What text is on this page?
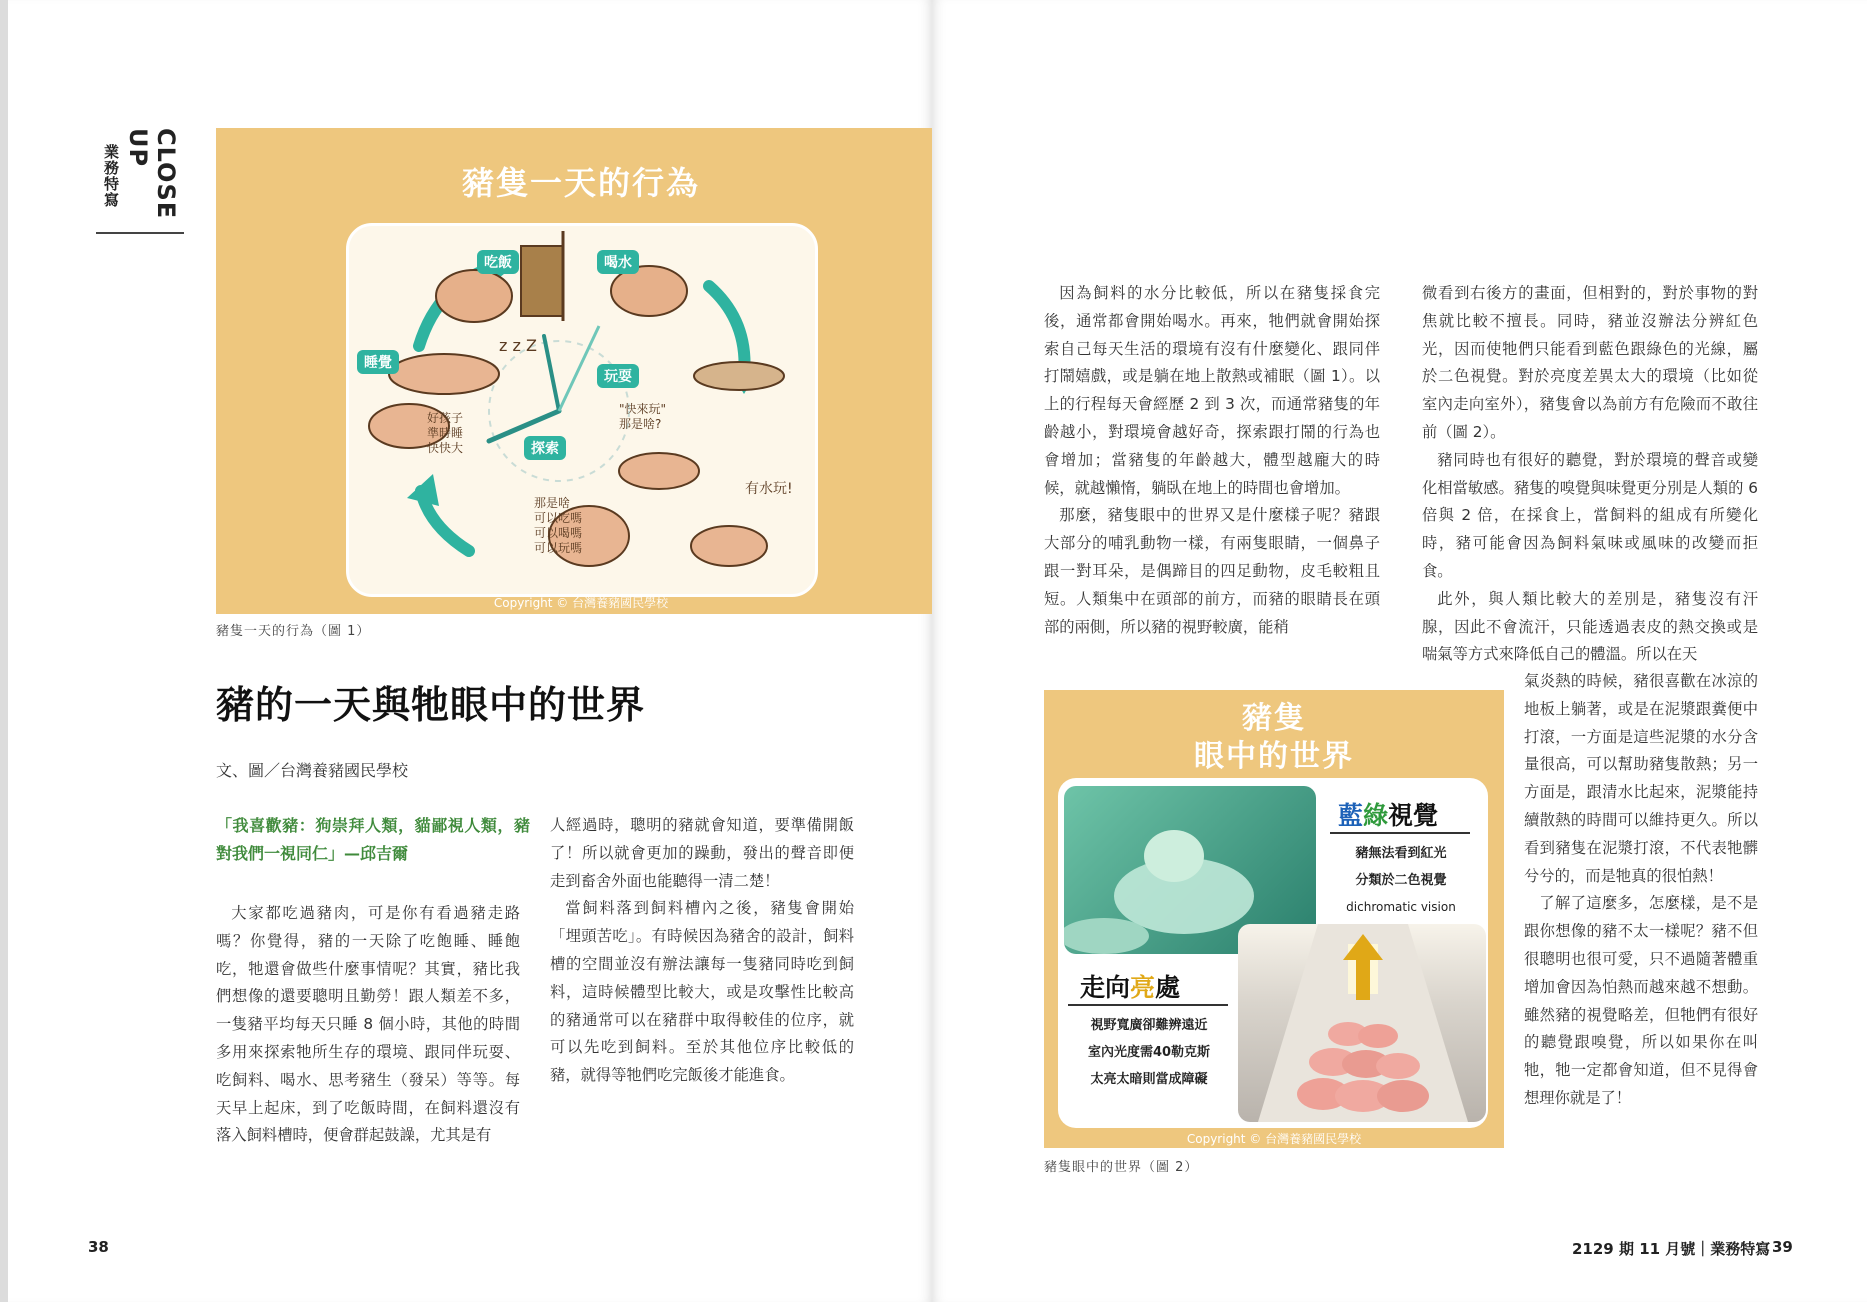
CLOSE
UP
業務特寫	豬隻一天的行為
z z Z
吃飯	喝水
睡覺
玩耍
探索
好孩子
準時睡
快快大
"快來玩"
那是啥?
那是啥
可以吃嗎
可以喝嗎
可以玩嗎
有水玩!
Copyright © 台灣養豬國民學校
豬隻一天的行為（圖 1）
豬的一天與牠眼中的世界
文、圖／台灣養豬國民學校
「我喜歡豬：狗崇拜人類，貓鄙視人類，豬對我們一視同仁」—邱吉爾

大家都吃過豬肉，可是你有看過豬走路嗎？你覺得，豬的一天除了吃飽睡、睡飽吃，牠還會做些什麼事情呢？其實，豬比我們想像的還要聰明且勤勞！跟人類差不多，一隻豬平均每天只睡 8 個小時，其他的時間多用來探索牠所生存的環境、跟同伴玩耍、吃飼料、喝水、思考豬生（發呆）等等。每天早上起床，到了吃飯時間，在飼料還沒有落入飼料槽時，便會群起鼓譟，尤其是有

人經過時，聰明的豬就會知道，要準備開飯了！所以就會更加的躁動，發出的聲音即便走到畜舍外面也能聽得一清二楚！

當飼料落到飼料槽內之後，豬隻會開始「埋頭苦吃」。有時候因為豬舍的設計，飼料槽的空間並沒有辦法讓每一隻豬同時吃到飼料，這時候體型比較大，或是攻擊性比較高的豬通常可以在豬群中取得較佳的位序，就可以先吃到飼料。至於其他位序比較低的豬，就得等牠們吃完飯後才能進食。

38

因為飼料的水分比較低，所以在豬隻採食完後，通常都會開始喝水。再來，牠們就會開始探索自己每天生活的環境有沒有什麼變化、跟同伴打鬧嬉戲，或是躺在地上散熱或補眠（圖 1）。以上的行程每天會經歷 2 到 3 次，而通常豬隻的年齡越小，對環境會越好奇，探索跟打鬧的行為也會增加；當豬隻的年齡越大，體型越龐大的時候，就越懶惰，躺臥在地上的時間也會增加。

那麼，豬隻眼中的世界又是什麼樣子呢？豬跟大部分的哺乳動物一樣，有兩隻眼睛，一個鼻子跟一對耳朵，是偶蹄目的四足動物，皮毛較粗且短。人類集中在頭部的前方，而豬的眼睛長在頭部的兩側，所以豬的視野較廣，能稍

微看到右後方的畫面，但相對的，對於事物的對焦就比較不擅長。同時，豬並沒辦法分辨紅色光，因而使牠們只能看到藍色跟綠色的光線，屬於二色視覺。對於亮度差異太大的環境（比如從室內走向室外），豬隻會以為前方有危險而不敢往前（圖 2）。

豬同時也有很好的聽覺，對於環境的聲音或變化相當敏感。豬隻的嗅覺與味覺更分別是人類的 6 倍與 2 倍，在採食上，當飼料的組成有所變化時，豬可能會因為飼料氣味或風味的改變而拒食。

此外，與人類比較大的差別是，豬隻沒有汗腺，因此不會流汗，只能透過表皮的熱交換或是喘氣等方式來降低自己的體溫。所以在天

氣炎熱的時候，豬很喜歡在冰涼的地板上躺著，或是在泥漿跟糞便中打滾，一方面是這些泥漿的水分含量很高，可以幫助豬隻散熱；另一方面是，跟清水比起來，泥漿能持續散熱的時間可以維持更久。所以看到豬隻在泥漿打滾，不代表牠髒兮兮的，而是牠真的很怕熱！

了解了這麼多，怎麼樣，是不是跟你想像的豬不太一樣呢？豬不但很聰明也很可愛，只不過隨著體重增加會因為怕熱而越來越不想動。雖然豬的視覺略差，但牠們有很好的聽覺跟嗅覺，所以如果你在叫牠，牠一定都會知道，但不見得會想理你就是了！

豬隻
眼中的世界
藍綠視覺
豬無法看到紅光
分類於二色視覺
dichromatic vision
走向亮處
視野寬廣卻難辨遠近
室內光度需40勒克斯
太亮太暗則當成障礙
Copyright © 台灣養豬國民學校
豬隻眼中的世界（圖 2）
2129 期 11 月號｜業務特寫 39
